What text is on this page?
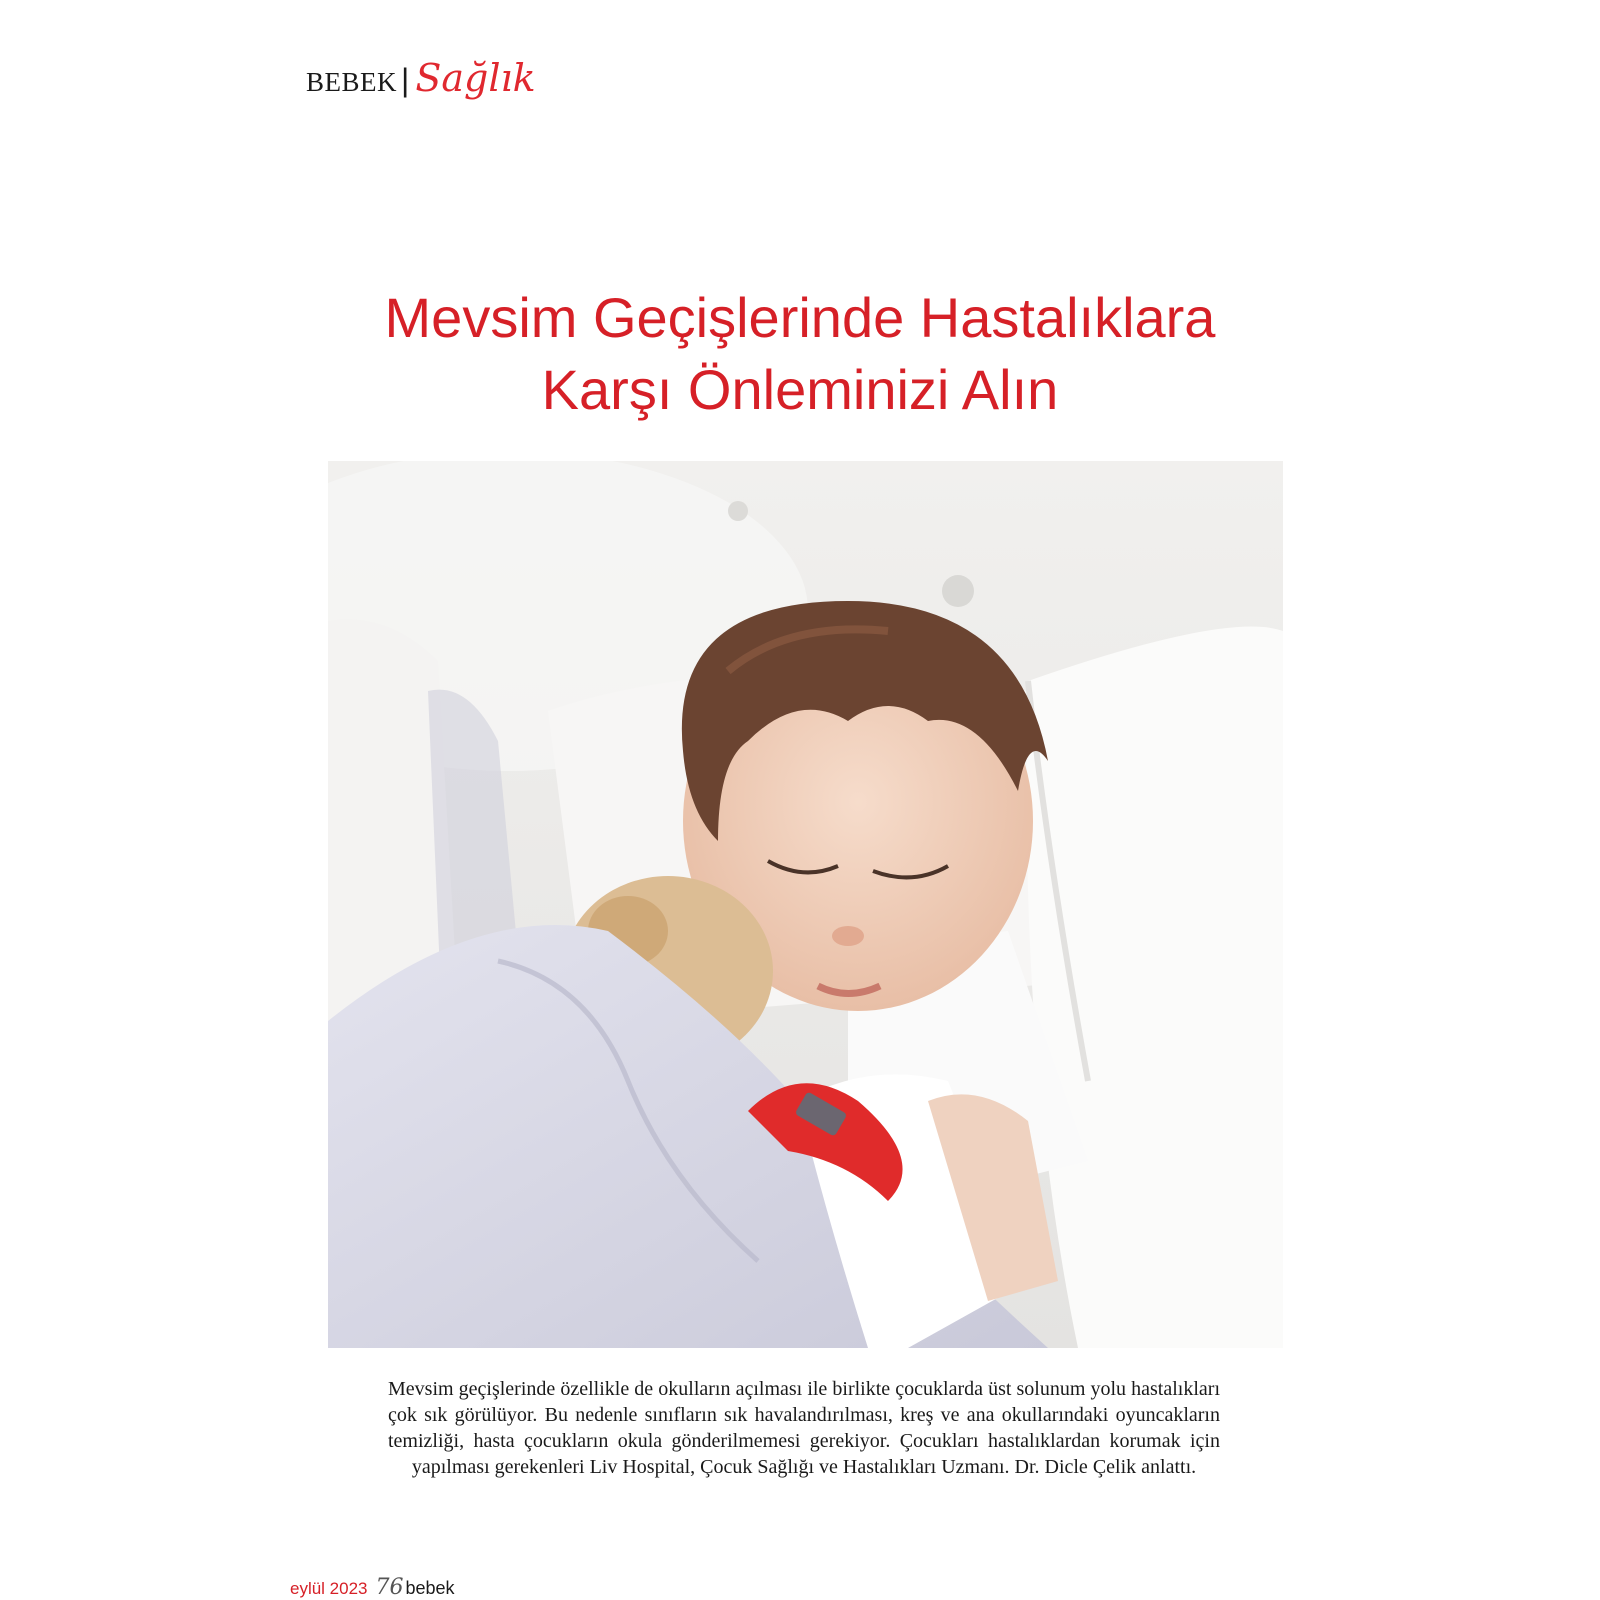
BEBEK | Sağlık
Mevsim Geçişlerinde Hastalıklara
Karşı Önleminizi Alın

Mevsim geçişlerinde özellikle de okulların açılması ile birlikte çocuklarda üst solunum yolu hastalıkları çok sık görülüyor. Bu nedenle sınıfların sık havalandırılması, kreş ve ana okullarındaki oyuncakların temizliği, hasta çocukların okula gönderilmemesi gerekiyor. Çocukları hastalıklardan korumak için yapılması gerekenleri Liv Hospital, Çocuk Sağlığı ve Hastalıkları Uzmanı. Dr. Dicle Çelik anlattı.

eylül 2023 76 bebek
